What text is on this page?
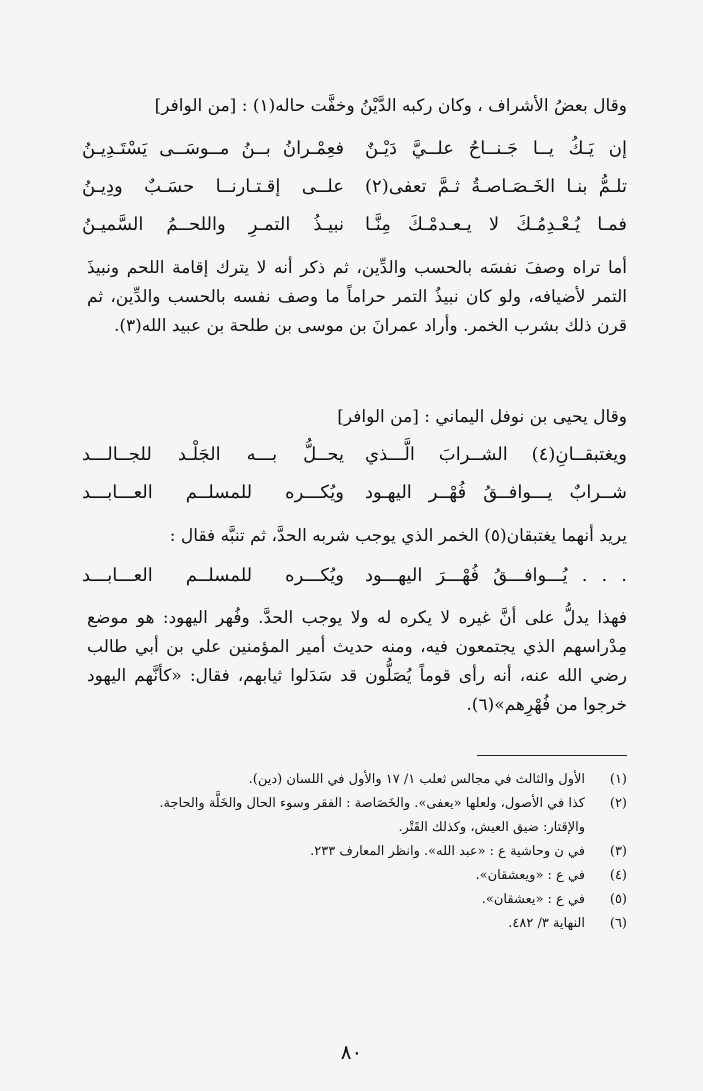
وقال بعضُ الأشراف ، وكان ركبه الدَّيْنُ وخفَّت حاله(١) : [من الوافر]
إن يَـكُ يــا جَـنــاحُ علــيَّ دَيْـنٌ
فعِمْـرانُ بــنُ مــوسَــى يَسْتَـدِيـنُ
تلـمُّ بنـا الخَـصَـاصـةُ ثـمَّ تعفى(٢)
علــى إقـتـارنــا حسَـبٌ ودِيـنُ
فمـا يُـعْـدِمُـكَ لا يـعـدمْـكَ مِنَّـا
نبيـذُ التمـرِ واللحــمُ السَّميـنُ
أما تراه وصفَ نفسَه بالحسب والدِّين، ثم ذكر أنه لا يترك إقامة اللحم ونبيذَ التمر لأضيافه، ولو كان نبيذُ التمر حراماً ما وصف نفسه بالحسب والدِّين، ثم قرن ذلك بشرب الخمر. وأراد عمرانَ بن موسى بن طلحة بن عبيد الله(٣).
وقال يحيى بن نوفل اليماني : [من الوافر]
ويغتبقــانِ(٤) الشــرابَ الَّـــذي
يحــلُّ بـــه الجَلْـد للجــالـــد
شــرابٌ يـــوافــقُ فُهْــر اليهـود
ويُكـــره للمسلــم العـــابـــد
يريد أنهما يغتبقان(٥) الخمر الذي يوجب شربه الحدَّ، ثم تنبَّه فقال :
. . . يُـــوافـــقُ فُهْـــرَ اليهـــود
ويُكـــره للمسلــم العـــابـــد
فهذا يدلُّ على أنَّ غيره لا يكره له ولا يوجب الحدَّ. وفُهر اليهود: هو موضع مِدْراسهم الذي يجتمعون فيه، ومنه حديث أمير المؤمنين علي بن أبي طالب رضي الله عنه، أنه رأى قوماً يُصَلُّون قد سَدَلوا ثيابهم، فقال: «كأنَّهم اليهود خرجوا من فُهْرِهم»(٦).
(١)
الأول والثالث في مجالس ثعلب ١/ ١٧ والأول في اللسان (دين).
(٢)
كذا في الأصول، ولعلها «يعفى». والخَصَاصة : الفقر وسوء الحال والخَلَّة والحاجة.
والإقتار: ضيق العيش، وكذلك القَتْر.
(٣)
في ن وحاشية ع : «عبد الله». وانظر المعارف ٢٣٣.
(٤)
في ع : «ويعشقان».
(٥)
في ع : «يعشقان».
(٦)
النهاية ٣/ ٤٨٢.
٨٠
